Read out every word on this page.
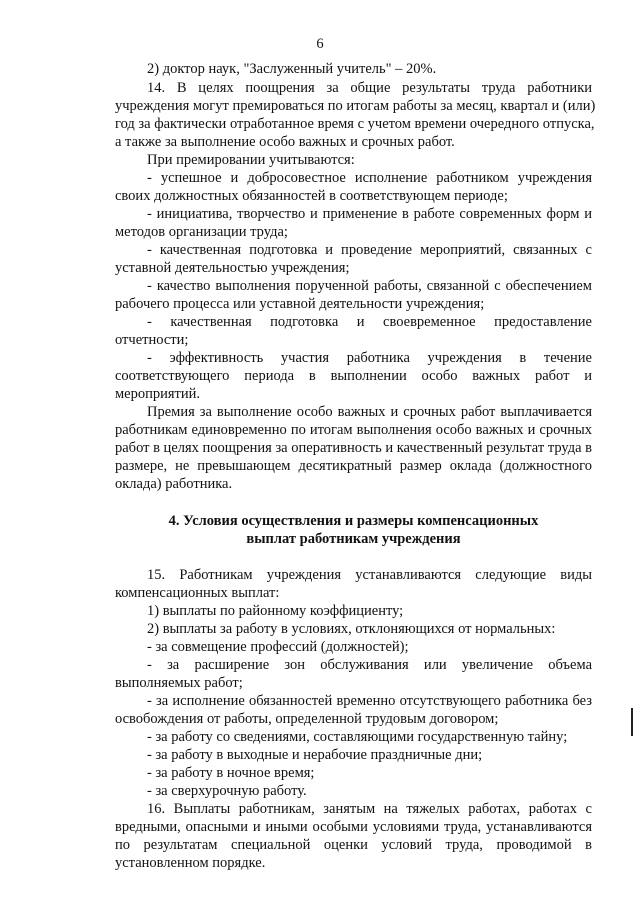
6
2) доктор наук, "Заслуженный учитель" – 20%.
14. В целях поощрения за общие результаты труда работники
учреждения могут премироваться по итогам работы за месяц, квартал и (или)
год за фактически отработанное время с учетом времени очередного отпуска,
а также за выполнение особо важных и срочных работ.
При премировании учитываются:
- успешное и добросовестное исполнение работником учреждения
своих должностных обязанностей в соответствующем периоде;
- инициатива, творчество и применение в работе современных форм и
методов организации труда;
- качественная подготовка и проведение мероприятий, связанных с
уставной деятельностью учреждения;
- качество выполнения порученной работы, связанной с обеспечением
рабочего процесса или уставной деятельности учреждения;
- качественная подготовка и своевременное предоставление
отчетности;
- эффективность участия работника учреждения в течение
соответствующего периода в выполнении особо важных работ и
мероприятий.
Премия за выполнение особо важных и срочных работ выплачивается
работникам единовременно по итогам выполнения особо важных и срочных
работ в целях поощрения за оперативность и качественный результат труда в
размере, не превышающем десятикратный размер оклада (должностного
оклада) работника.
4. Условия осуществления и размеры компенсационных
выплат работникам учреждения
15. Работникам учреждения устанавливаются следующие виды
компенсационных выплат:
1) выплаты по районному коэффициенту;
2) выплаты за работу в условиях, отклоняющихся от нормальных:
- за совмещение профессий (должностей);
- за расширение зон обслуживания или увеличение объема
выполняемых работ;
- за исполнение обязанностей временно отсутствующего работника без
освобождения от работы, определенной трудовым договором;
- за работу со сведениями, составляющими государственную тайну;
- за работу в выходные и нерабочие праздничные дни;
- за работу в ночное время;
- за сверхурочную работу.
16. Выплаты работникам, занятым на тяжелых работах, работах с
вредными, опасными и иными особыми условиями труда, устанавливаются
по результатам специальной оценки условий труда, проводимой в
установленном порядке.
